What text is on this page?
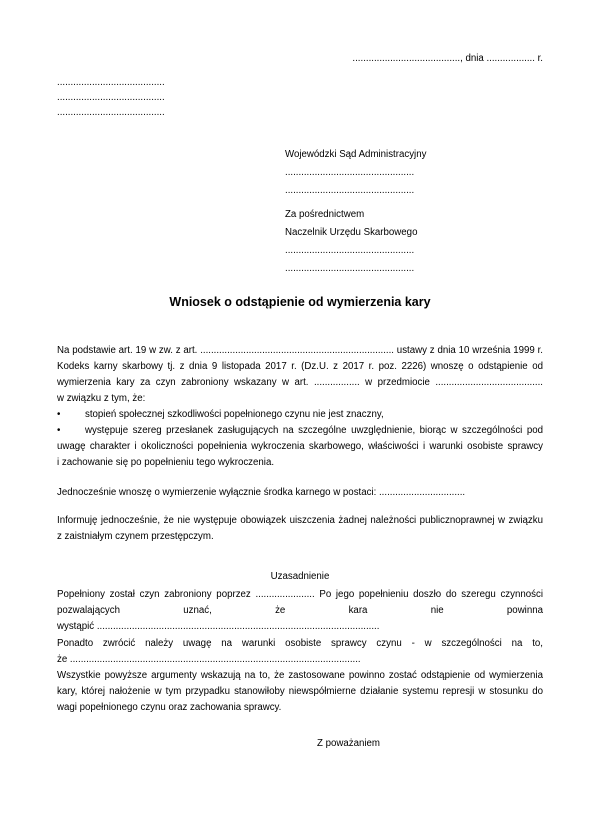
........................................, dnia .................. r.
........................................
........................................
........................................
Wojewódzki Sąd Administracyjny
................................................
................................................
Za pośrednictwem
Naczelnik Urzędu Skarbowego
................................................
................................................
Wniosek o odstąpienie od wymierzenia kary
Na podstawie art. 19 w zw. z art. ........................................................................ ustawy z dnia 10 września 1999 r.
Kodeks karny skarbowy tj. z dnia 9 listopada 2017 r. (Dz.U. z 2017 r. poz. 2226) wnoszę o odstąpienie od
wymierzenia kary za czyn zabroniony wskazany w art. ................. w przedmiocie ........................................
w związku z tym, że:
•	stopień społecznej szkodliwości popełnionego czynu nie jest znaczny,
•	występuje szereg przesłanek zasługujących na szczególne uwzględnienie, biorąc w szczególności pod
uwagę charakter i okoliczności popełnienia wykroczenia skarbowego, właściwości i warunki osobiste sprawcy
i zachowanie się po popełnieniu tego wykroczenia.
Jednocześnie wnoszę o wymierzenie wyłącznie środka karnego w postaci: ................................
Informuję jednocześnie, że nie występuje obowiązek uiszczenia żadnej należności publicznoprawnej w związku
z zaistniałym czynem przestępczym.
Uzasadnienie
Popełniony został czyn zabroniony poprzez ...................... Po jego popełnieniu doszło do szeregu czynności
pozwalających uznać, że kara nie powinna
wystąpić .........................................................................................................
Ponadto zwrócić należy uwagę na warunki osobiste sprawcy czynu - w szczególności na to,
że ............................................................................................................
Wszystkie powyższe argumenty wskazują na to, że zastosowane powinno zostać odstąpienie od wymierzenia
kary, której nałożenie w tym przypadku stanowiłoby niewspółmierne działanie systemu represji w stosunku do
wagi popełnionego czynu oraz zachowania sprawcy.
Z poważaniem
